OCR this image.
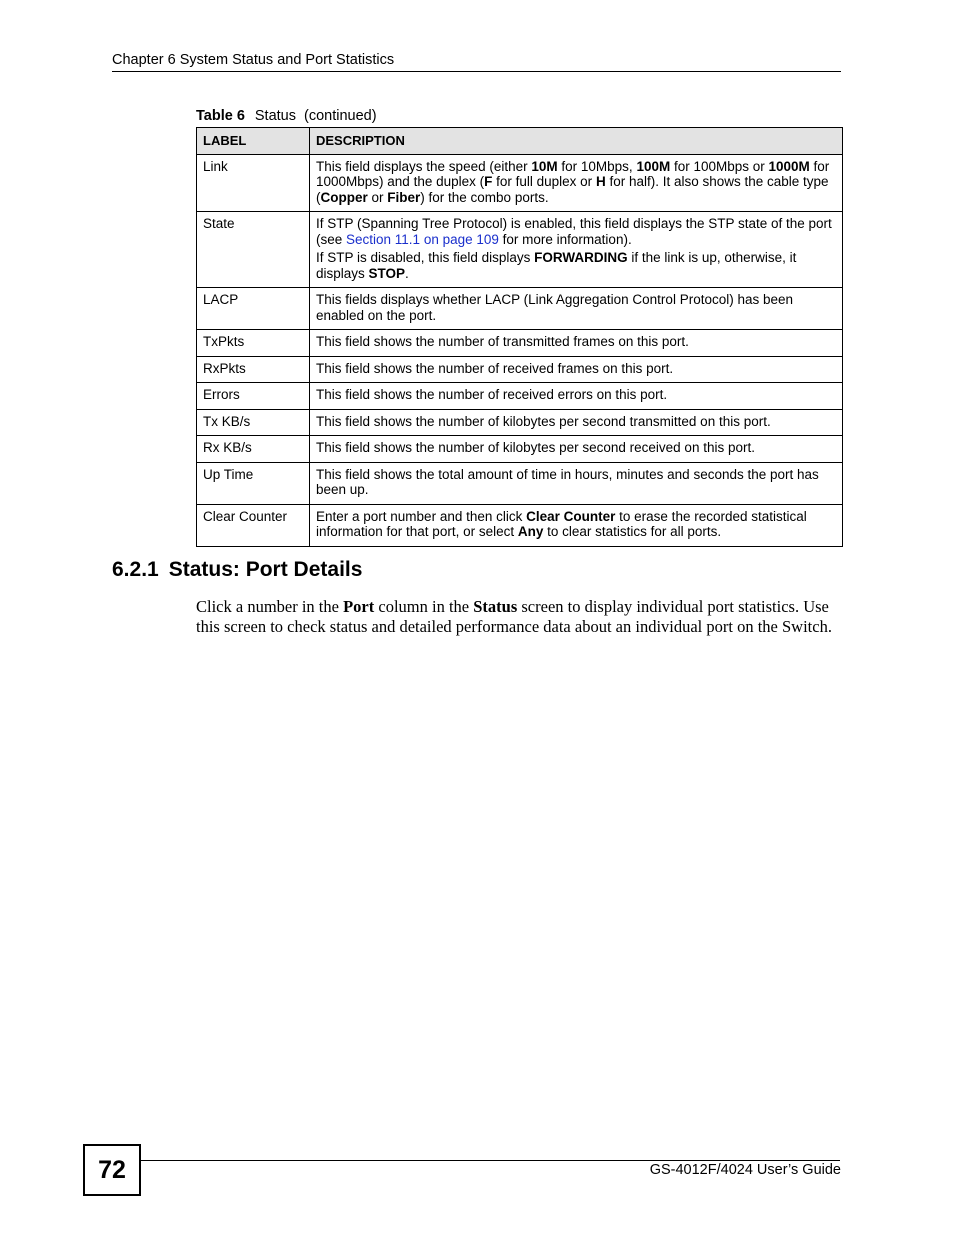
Chapter 6 System Status and Port Statistics
Table 6 Status (continued)
LABEL	DESCRIPTION
Link	This field displays the speed (either 10M for 10Mbps, 100M for 100Mbps or 1000M for 1000Mbps) and the duplex (F for full duplex or H for half). It also shows the cable type (Copper or Fiber) for the combo ports.

State	If STP (Spanning Tree Protocol) is enabled, this field displays the STP state of the port (see Section 11.1 on page 109 for more information).
If STP is disabled, this field displays FORWARDING if the link is up, otherwise, it displays STOP.

LACP	This fields displays whether LACP (Link Aggregation Control Protocol) has been enabled on the port.

TxPkts	This field shows the number of transmitted frames on this port.

RxPkts	This field shows the number of received frames on this port.

Errors	This field shows the number of received errors on this port.

Tx KB/s	This field shows the number of kilobytes per second transmitted on this port.

Rx KB/s	This field shows the number of kilobytes per second received on this port.

Up Time	This field shows the total amount of time in hours, minutes and seconds the port has been up.

Clear Counter	Enter a port number and then click Clear Counter to erase the recorded statistical information for that port, or select Any to clear statistics for all ports.
6.2.1 Status: Port Details
Click a number in the Port column in the Status screen to display individual port statistics. Use this screen to check status and detailed performance data about an individual port on the Switch.
72	GS-4012F/4024 User’s Guide
